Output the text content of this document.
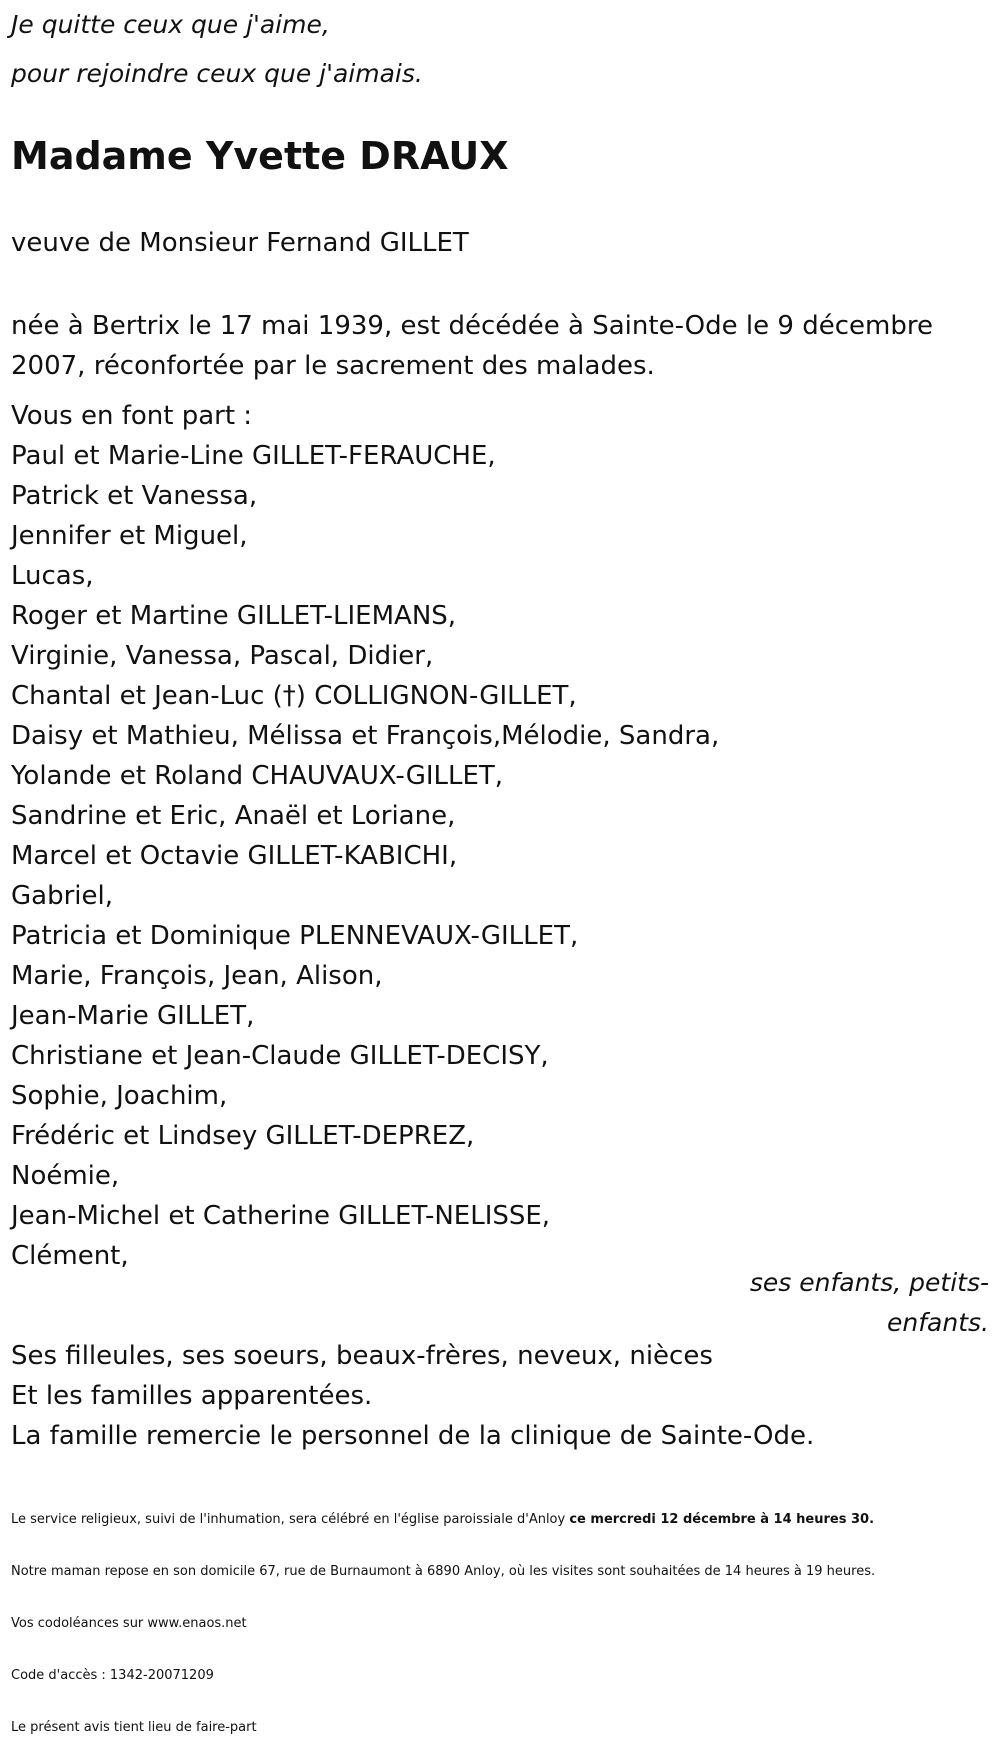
Je quitte ceux que j'aime,

pour rejoindre ceux que j'aimais.

Madame Yvette DRAUX

veuve de Monsieur Fernand GILLET

née à Bertrix le 17 mai 1939, est décédée à Sainte-Ode le 9 décembre 2007, réconfortée par le sacrement des malades.

Vous en font part :
Paul et Marie-Line GILLET-FERAUCHE,
Patrick et Vanessa,
Jennifer et Miguel,
Lucas,
Roger et Martine GILLET-LIEMANS,
Virginie, Vanessa, Pascal, Didier,
Chantal et Jean-Luc (†) COLLIGNON-GILLET,
Daisy et Mathieu, Mélissa et François,Mélodie, Sandra,
Yolande et Roland CHAUVAUX-GILLET,
Sandrine et Eric, Anaël et Loriane,
Marcel et Octavie GILLET-KABICHI,
Gabriel,
Patricia et Dominique PLENNEVAUX-GILLET,
Marie, François, Jean, Alison,
Jean-Marie GILLET,
Christiane et Jean-Claude GILLET-DECISY,
Sophie, Joachim,
Frédéric et Lindsey GILLET-DEPREZ,
Noémie,
Jean-Michel et Catherine GILLET-NELISSE,
Clément,

ses enfants, petits-enfants.

Ses filleules, ses soeurs, beaux-frères, neveux, nièces
Et les familles apparentées.
La famille remercie le personnel de la clinique de Sainte-Ode.

Le service religieux, suivi de l'inhumation, sera célébré en l'église paroissiale d'Anloy ce mercredi 12 décembre à 14 heures 30.

Notre maman repose en son domicile 67, rue de Burnaumont à 6890 Anloy, où les visites sont souhaitées de 14 heures à 19 heures.

Vos codoléances sur www.enaos.net

Code d'accès : 1342-20071209

Le présent avis tient lieu de faire-part
